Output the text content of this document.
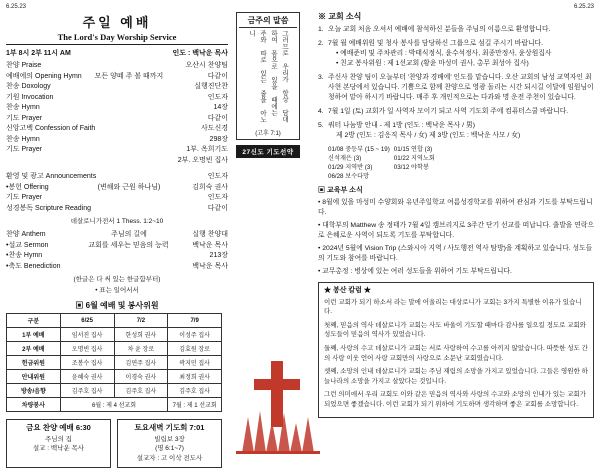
6.25.23	6.25.23
주일 예배
The Lord's Day Worship Service
1부 8시 2부 11시 AM	인도 : 백낙운 목사
찬양 Praise	오산시 찬양팀
예배에의 Opening Hymn	모든 양떼 주 볼 때까지	다같이
찬송 Doxology	실행진단찬
기원 Invocation	인도자
찬송 Hymn	14장
기도 Prayer	다같이
신앙고백 Confession of Faith	사도신경
찬송 Hymn	298장
기도 Prayer	1부. 옥희기도
2부. 오명빈 집사
환영 및 광고 Announcements	인도자
•봉헌 Offering	(변해와 근원 하나님)	김희숙 권사
기도 Prayer	인도자
성경봉독 Scripture Reading	다같이
데살로니가전서 1 Thess. 1:2~10
찬양 Anthem	주님의 길에	실행 찬양대
•설교 Sermon	교회를 세우는 믿음의 능력	백낙운 목사
•찬송 Hymn	213장
•축도 Benediction	백낙운 목사
(한글은 다 써 있는 한글함부터)
• 표는 일어서서
▣ 6월 예배 및 봉사위원
구분	6/25	7/2	7/9
1부 예배	임서진 집사	한성희 권사	이성주 집사
2부 예배	오명빈 집사	차 윤 장로	김효원 장로
헌금위원	조봉수 집사	김연주 집사	곽지민 집사
안내위원	윤혜숙 권사	이경숙 권사	최정희 권사
방송/음향	김주호 집사	김주호 집사	김주호 집사
차량봉사	6월 : 제 4 선교회		7월 : 제 1 선교회
금요 찬양 예배 6:30
주님의 집
설교 : 백낙운 목사
토요새벽 기도회 7:01
빌립보 3장
(명 6:1~7)
설교자 : 고 이삭 전도사
금주의 말씀
그러므로 우리가 항상 담대하여 몸으로 있을 때에는 주와 따로 있는 줄을 아노니
(고후 7:1)
27신도 기도선약
※ 교회 소식
1. 오늘 교회 처음 오셔서 예배에 참석하신 분들을 주님의 이름으로 환영합니다.
2. 7월 월 예배위원 및 청사 봉사를 담당하신 그룹으로 섬길 주시기 바랍니다.
• 예배준비 및 주차관리 : 박태식정식, 윤수석정사, 최종만정사, 윤상원집사
• 친교 봉사위원 : 제 1선교회 (황윤 마성미 권사, 총무 최성아 집사)
3. 주신사 찬양 팀이 오늘부터 '찬양과 경배에' 인도를 맡습니다. 오산 교회의 남성 교역자인 최사현 본당에서 있습니다. 기쁨으로 함께 찬양으로 영광 돌리는 시간 되시길 이달에 임원님이 청하여 맡아 하시기 바랍니다. 매주 후 개인적으로는 다과와 명 운전 주천이 있습니다.
4. 7월 1일 (토) 교회가 일 사역자 모이기 되고 사역 기도회 주에 컴퓨터스쿨 바랍니다.
5. 쿼터 나눔방 안내 - 제 1방 (인도 : 백낙운 목사 / 男)
제 2방 (인도 : 김응직 목사 / 女) 제 3방 (인도 : 백낙운 사모 / 女)
01/08 중등부 (15 ~ 19)	01/15 연합 (3)
신석재은 (3)	01/22 지역노회
01/29 지역반 (3)	03/12 야학봉
06/28 보수다망	
▣ 교육부 소식
• 8월에 있을 마성미 수양회와 유년주일학교 여름성경학교를 위하여 관심과 기도를 부탁드립니다.
• 대학부의 Matthew 송 정태가 7월 4일 캠브리지로 3주간 단기 선교를 떠납니다. 출발을 연락으로 은혜로운 사역이 되도록 기도를 부탁합니다.
• 2024년 5월에 Vision Trip (스와시아 지역 / 사도행전 역사 탐방)을 계획하고 있습니다. 성도들의 기도와 참여를 바랍니다.
• 교무총정 : 병상에 있는 여러 성도들을 위하여 기도 부탁드립니다.
★ 봉산 칼럼 ★

이런 교회가 되기 하소서 라는 말에 어울리는 대상로니가 교회는 3가지 특별한 이유가 있습니다.

첫째, 믿음의 역사 데살로니가 교회는 사도 바울이 기도할 때마다 감사를 일으킬 정도로 교회와 성도들이 믿음의 역사가 있었습니다.

둘째, 사랑의 수고 데살로니가 교회는 서로 사랑하여 수고를 아끼지 않았습니다. 따뜻한 성도 간의 사랑 이웃 언어 사랑 교회만의 사랑으로 소문난 교회였습니다.

셋째, 소망의 인내 데살로니가 교회는 주님 재림의 소망을 가지고 있었습니다. 그들은 영원한 하늘나라의 소망을 가지고 살았다는 것입니다.

그런 의미에서 우리 교회도 이와 같은 믿음의 역사와 사랑의 수고와 소망의 인내가 있는 교회가 되었으면 좋겠습니다. 이런 교회가 되기 위하여 기도하며 생각하며 좋은 교회를 소망합니다.
